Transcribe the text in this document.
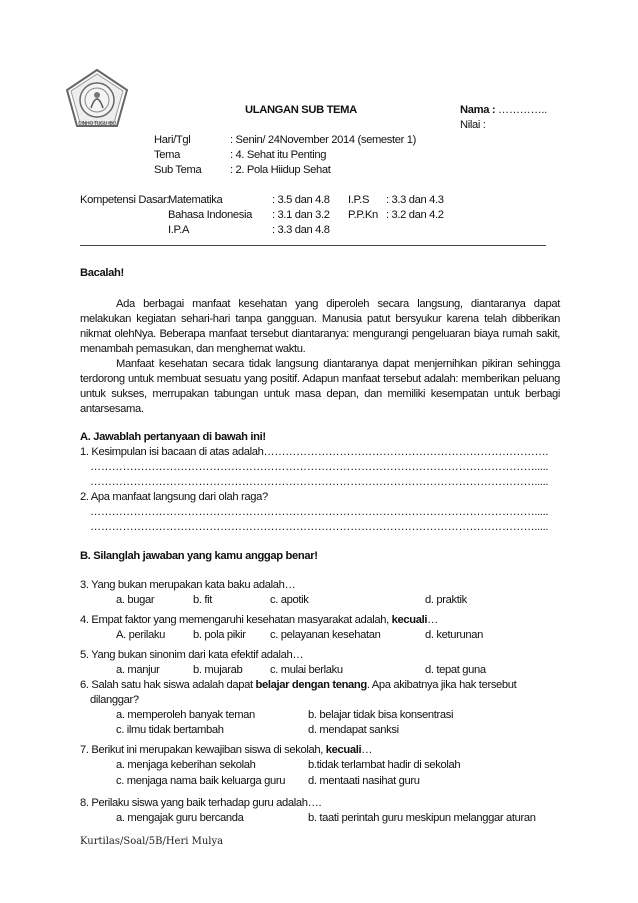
CINHO TUGU IBU
ULANGAN SUB TEMA	Nama : …………..
Nilai :
Hari/Tgl	: Senin/ 24November 2014 (semester 1)
Tema	: 4. Sehat itu Penting
Sub Tema	: 2. Pola Hiidup Sehat
Kompetensi Dasar:
Matematika	: 3.5 dan 4.8 I.P.S : 3.3 dan 4.3
Bahasa Indonesia : 3.1 dan 3.2 P.P.Kn : 3.2 dan 4.2
I.P.A	: 3.3 dan 4.8
Bacalah!
Ada berbagai manfaat kesehatan yang diperoleh secara langsung, diantaranya dapat melakukan kegiatan sehari-hari tanpa gangguan. Manusia patut bersyukur karena telah dibberikan nikmat olehNya. Beberapa manfaat tersebut diantaranya: mengurangi pengeluaran biaya rumah sakit, menambah pemasukan, dan menghemat waktu.
Manfaat kesehatan secara tidak langsung diantaranya dapat menjernihkan pikiran sehingga terdorong untuk membuat sesuatu yang positif. Adapun manfaat tersebut adalah: memberikan peluang untuk sukses, merrupakan tabungan untuk masa depan, dan memiliki kesempatan untuk berbagi antarsesama.
A. Jawablah pertanyaan di bawah ini!
1. Kesimpulan isi bacaan di atas adalah…………………………………………………………………….
…………………………………………………………………………………………………………….....
…………………………………………………………………………………………………………….....
2. Apa manfaat langsung dari olah raga?
…………………………………………………………………………………………………………….....
…………………………………………………………………………………………………………….....
B. Silanglah jawaban yang kamu anggap benar!
3. Yang bukan merupakan kata baku adalah…
a. bugar	b. fit	c. apotik	d. praktik
4. Empat faktor yang memengaruhi kesehatan masyarakat adalah, kecuali…
A. perilaku b. pola pikir c. pelayanan kesehatan	d. keturunan
5. Yang bukan sinonim dari kata efektif adalah…
a. manjur	b. mujarab c. mulai berlaku	d. tepat guna
6. Salah satu hak siswa adalah dapat belajar dengan tenang. Apa akibatnya jika hak tersebut
dilanggar?
a. memperoleh banyak teman	b. belajar tidak bisa konsentrasi
c. ilmu tidak bertambah	d. mendapat sanksi
7. Berikut ini merupakan kewajiban siswa di sekolah, kecuali…
a. menjaga keberihan sekolah	b.tidak terlambat hadir di sekolah
c. menjaga nama baik keluarga guru d. mentaati nasihat guru
8. Perilaku siswa yang baik terhadap guru adalah….
a. mengajak guru bercanda	b. taati perintah guru meskipun melanggar aturan
Kurtilas/Soal/5B/Heri Mulya
